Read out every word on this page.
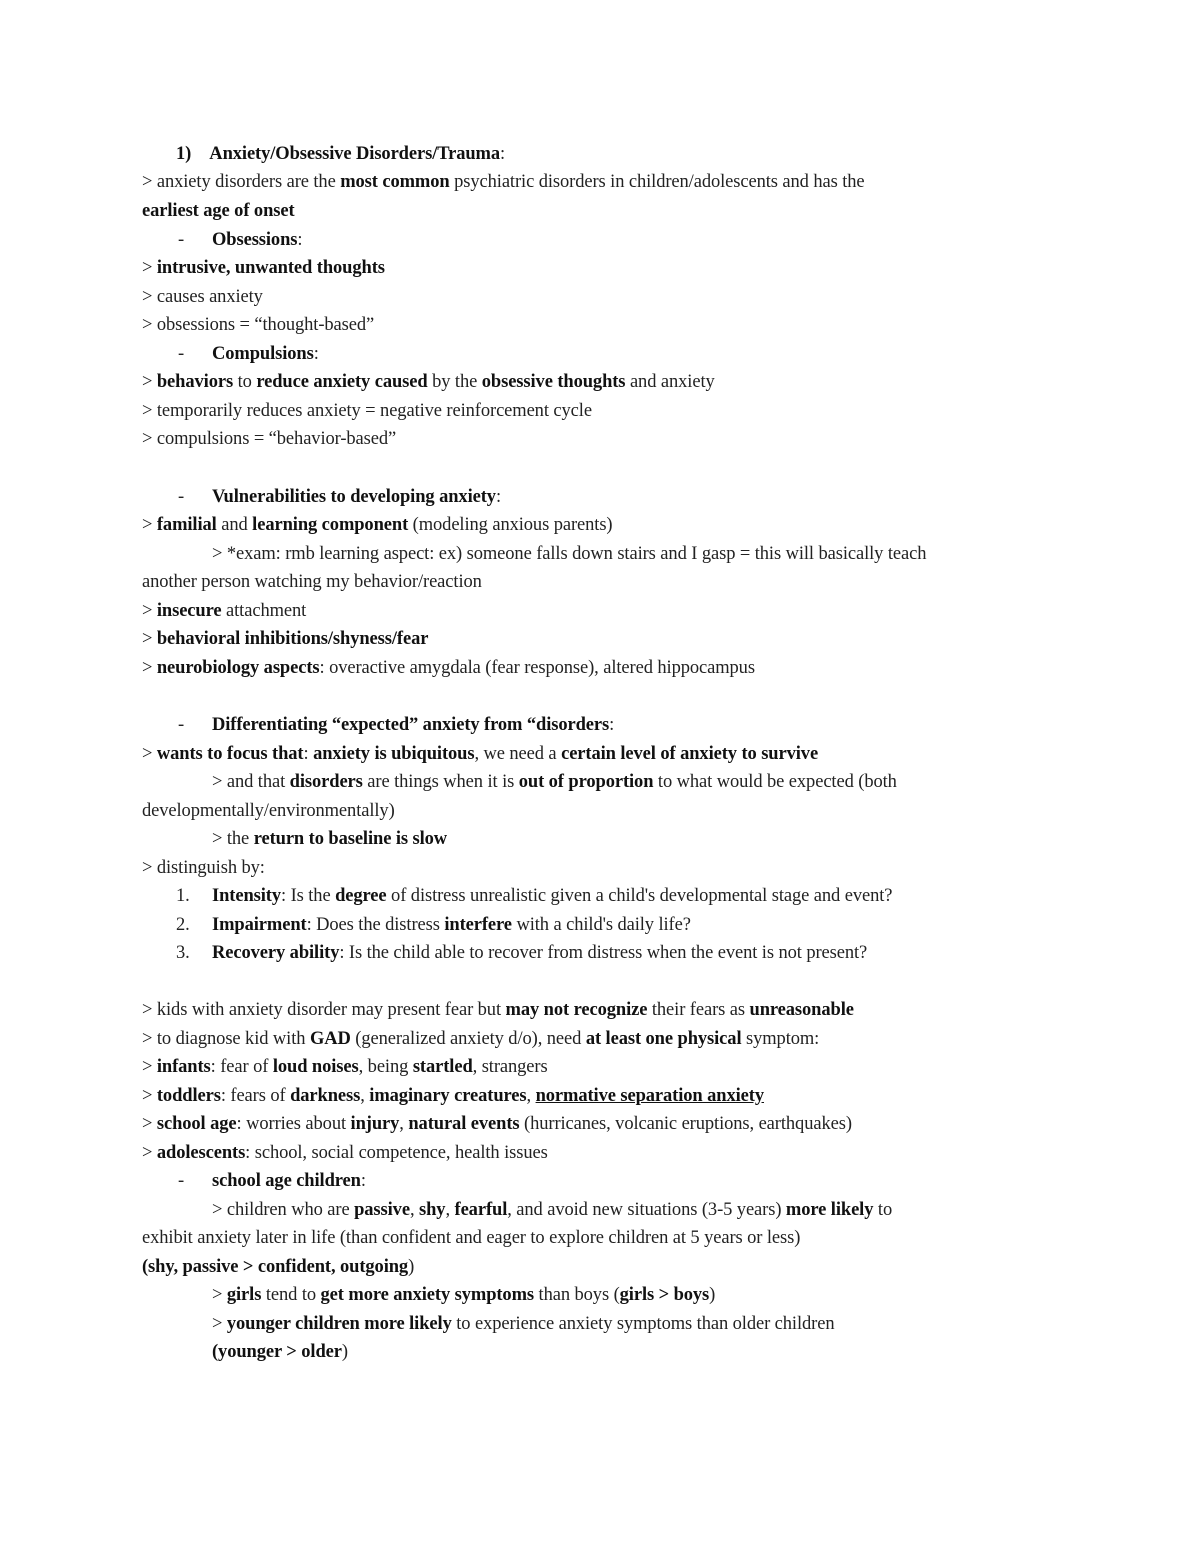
1)    Anxiety/Obsessive Disorders/Trauma:
> anxiety disorders are the most common psychiatric disorders in children/adolescents and has the
earliest age of onset
- Obsessions:
> intrusive, unwanted thoughts
> causes anxiety
> obsessions = “thought-based”
- Compulsions:
> behaviors to reduce anxiety caused by the obsessive thoughts and anxiety
> temporarily reduces anxiety = negative reinforcement cycle
> compulsions = “behavior-based”
- Vulnerabilities to developing anxiety:
> familial and learning component (modeling anxious parents)
> *exam: rmb learning aspect: ex) someone falls down stairs and I gasp = this will basically teach
another person watching my behavior/reaction
> insecure attachment
> behavioral inhibitions/shyness/fear
> neurobiology aspects: overactive amygdala (fear response), altered hippocampus
- Differentiating “expected” anxiety from “disorders:
> wants to focus that: anxiety is ubiquitous, we need a certain level of anxiety to survive
> and that disorders are things when it is out of proportion to what would be expected (both
developmentally/environmentally)
> the return to baseline is slow
> distinguish by:
1. Intensity: Is the degree of distress unrealistic given a child's developmental stage and event?
2. Impairment: Does the distress interfere with a child's daily life?
3. Recovery ability: Is the child able to recover from distress when the event is not present?
> kids with anxiety disorder may present fear but may not recognize their fears as unreasonable
> to diagnose kid with GAD (generalized anxiety d/o), need at least one physical symptom:
> infants: fear of loud noises, being startled, strangers
> toddlers: fears of darkness, imaginary creatures, normative separation anxiety
> school age: worries about injury, natural events (hurricanes, volcanic eruptions, earthquakes)
> adolescents: school, social competence, health issues
- school age children:
> children who are passive, shy, fearful, and avoid new situations (3-5 years) more likely to
exhibit anxiety later in life (than confident and eager to explore children at 5 years or less)
(shy, passive > confident, outgoing)
> girls tend to get more anxiety symptoms than boys (girls > boys)
> younger children more likely to experience anxiety symptoms than older children
(younger > older)
